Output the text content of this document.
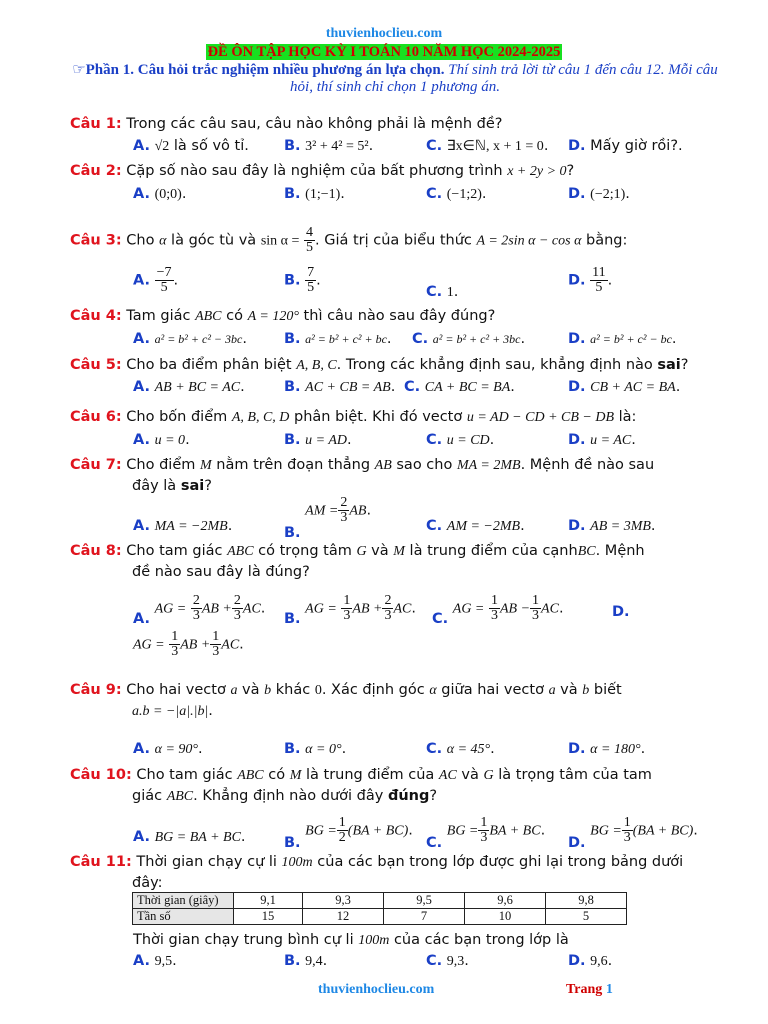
thuvienhoclieu.com
ĐỀ ÔN TẬP HỌC KỲ I TOÁN 10 NĂM HỌC 2024-2025
☞Phần 1. Câu hỏi trắc nghiệm nhiều phương án lựa chọn. Thí sinh trả lời từ câu 1 đến câu 12. Mỗi câu hỏi, thí sinh chỉ chọn 1 phương án.
Câu 1: Trong các câu sau, câu nào không phải là mệnh đề?
A. √2 là số vô tỉ. B. 3² + 4² = 5².	C. ∃x∈ℕ, x + 1 = 0. D. Mấy giờ rồi?.
Câu 2: Cặp số nào sau đây là nghiệm của bất phương trình x + 2y > 0?
A. (0;0).	B. (1;−1).	C. (−1;2).	D. (−2;1).
Câu 3: Cho α là góc tù và $\sin \alpha = \frac{4}{5}$ . Giá trị của biểu thức A = 2sin α − cos α bằng:
A. $\frac{-7}{5}$ .	B. $\frac{7}{5}$ .
C. 1.
D. $\frac{11}{5}$ .
Câu 4: Tam giác ABC có A = 120° thì câu nào sau đây đúng?
A. a² = b² + c² − 3bc.	B. a² = b² + c² + bc. C. a² = b² + c² + 3bc.	D. a² = b² + c² − bc.
Câu 5: Cho ba điểm phân biệt A, B, C. Trong các khẳng định sau, khẳng định nào sai?
A. AB + BC = AC.	B. AC + CB = AB. C. CA + BC = BA.	D. CB + AC = BA.
Câu 6: Cho bốn điểm A, B, C, D phân biệt. Khi đó vectơ u = AD − CD + CB − DB là:
A. u = 0.	B. u = AD.	C. u = CD.	D. u = AC.
Câu 7: Cho điểm M nằm trên đoạn thẳng AB sao cho MA = 2MB. Mệnh đề nào sau
đây là sai?
A. MA = −2MB.	B. AM = $\frac{2}{3}$ AB.
C. AM = −2MB.	D. AB = 3MB.
Câu 8: Cho tam giác ABC có trọng tâm G và M là trung điểm của cạnhBC. Mệnh
đề nào sau đây là đúng?
A. AG = $\frac{2}{3}$ AB + $\frac{2}{3}$ AC.
B. AG = $\frac{1}{3}$ AB + $\frac{2}{3}$ AC.
C. AG = $\frac{1}{3}$ AB − $\frac{1}{3}$ AC.	D.
AG = $\frac{1}{3}$ AB + $\frac{1}{3}$ AC.
Câu 9: Cho hai vectơ a và b khác 0. Xác định góc α giữa hai vectơ a và b biết
a.b = −|a|.|b|.
A. α = 90°.	B. α = 0°.	C. α = 45°.	D. α = 180°.
Câu 10: Cho tam giác ABC có M là trung điểm của AC và G là trọng tâm của tam
giác ABC. Khẳng định nào dưới đây đúng?
A. BG = BA + BC.	B. BG = $\frac{1}{2} (BA + BC)$.
C. BG = $\frac{1}{3}$ BA + BC.
D. BG = $\frac{1}{3} (BA + BC)$.
Câu 11: Thời gian chạy cự li 100m của các bạn trong lớp được ghi lại trong bảng dưới
đây:
Thời gian (giây)	9,1	9,3	9,5	9,6	9,8
Tần số	15	12	7	10	5
Thời gian chạy trung bình cự li 100m của các bạn trong lớp là
A. 9,5.	B. 9,4.	C. 9,3.	D. 9,6.
thuvienhoclieu.com	Trang 1
